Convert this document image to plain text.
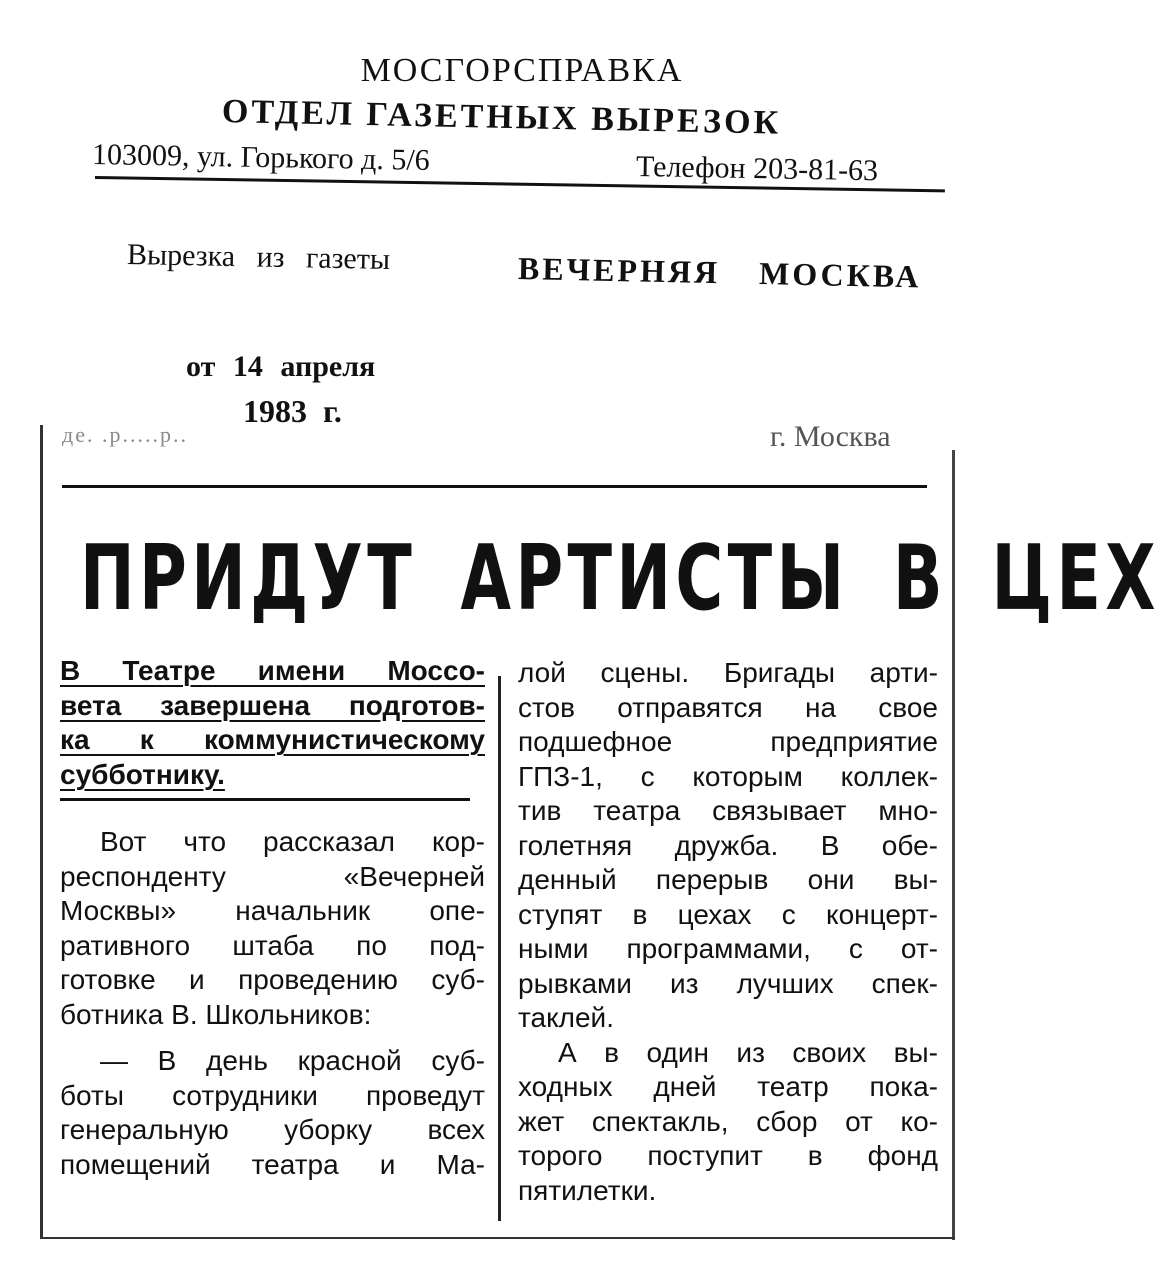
МОСГОРСПРАВКА
ОТДЕЛ ГАЗЕТНЫХ ВЫРЕЗОК
103009, ул. Горького д. 5/6	Телефон 203-81-63
Вырезка из газеты	ВЕЧЕРНЯЯ МОСКВА
от 14 апреля
1983 г.
де. .р.....р..	г. Москва
ПРИДУТ АРТИСТЫ В ЦЕХ

В Театре имени Моссо-

вета завершена подготов-

ка к коммунистическому

субботнику.

Вот что рассказал кор-

респонденту «Вечерней

Москвы» начальник опе-

ративного штаба по под-

готовке и проведению суб-

ботника В. Школьников:

— В день красной суб-

боты сотрудники проведут

генеральную уборку всех

помещений театра и Ма-

лой сцены. Бригады арти-

стов отправятся на свое

подшефное предприятие

ГПЗ-1, с которым коллек-

тив театра связывает мно-

голетняя дружба. В обе-

денный перерыв они вы-

ступят в цехах с концерт-

ными программами, с от-

рывками из лучших спек-

таклей.

А в один из своих вы-

ходных дней театр пока-

жет спектакль, сбор от ко-

торого поступит в фонд

пятилетки.
